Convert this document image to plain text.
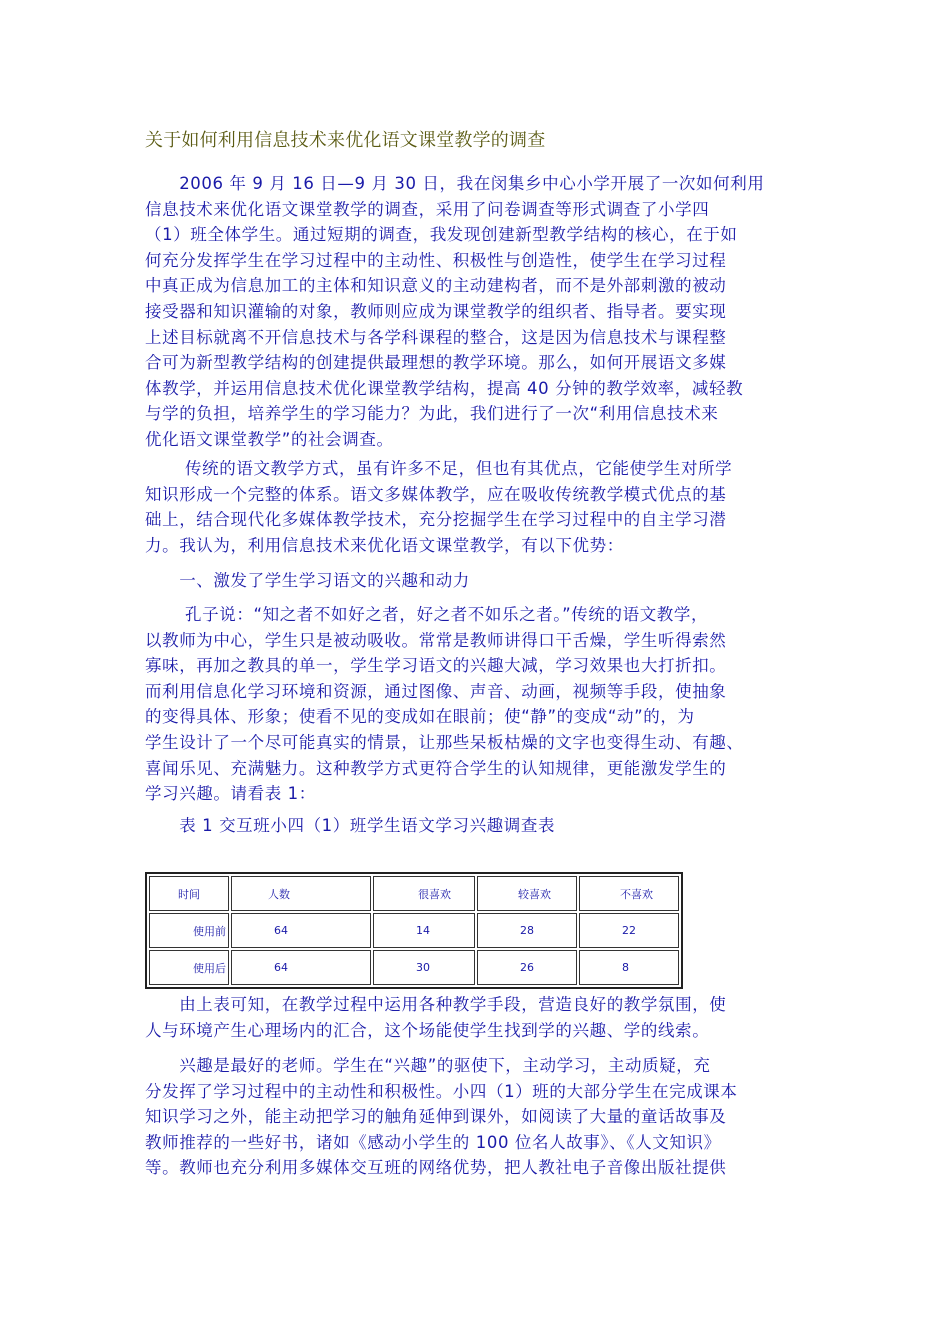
关于如何利用信息技术来优化语文课堂教学的调查
　　2006 年 9 月 16 日—9 月 30 日，我在闵集乡中心小学开展了一次如何利用
信息技术来优化语文课堂教学的调查，采用了问卷调查等形式调查了小学四
（1）班全体学生。通过短期的调查，我发现创建新型教学结构的核心，在于如
何充分发挥学生在学习过程中的主动性、积极性与创造性，使学生在学习过程
中真正成为信息加工的主体和知识意义的主动建构者，而不是外部刺激的被动
接受器和知识灌输的对象，教师则应成为课堂教学的组织者、指导者。要实现
上述目标就离不开信息技术与各学科课程的整合，这是因为信息技术与课程整
合可为新型教学结构的创建提供最理想的教学环境。那么，如何开展语文多媒
体教学，并运用信息技术优化课堂教学结构，提高 40 分钟的教学效率，减轻教
与学的负担，培养学生的学习能力？为此，我们进行了一次“利用信息技术来
优化语文课堂教学”的社会调查。
　　 传统的语文教学方式，虽有许多不足，但也有其优点，它能使学生对所学
知识形成一个完整的体系。语文多媒体教学，应在吸收传统教学模式优点的基
础上，结合现代化多媒体教学技术，充分挖掘学生在学习过程中的自主学习潜
力。我认为，利用信息技术来优化语文课堂教学，有以下优势：
　　一、激发了学生学习语文的兴趣和动力
　　 孔子说：“知之者不如好之者，好之者不如乐之者。”传统的语文教学，
以教师为中心，学生只是被动吸收。常常是教师讲得口干舌燥，学生听得索然
寡味，再加之教具的单一，学生学习语文的兴趣大减，学习效果也大打折扣。
而利用信息化学习环境和资源，通过图像、声音、动画，视频等手段，使抽象
的变得具体、形象；使看不见的变成如在眼前；使“静”的变成“动”的，为
学生设计了一个尽可能真实的情景，让那些呆板枯燥的文字也变得生动、有趣、
喜闻乐见、充满魅力。这种教学方式更符合学生的认知规律，更能激发学生的
学习兴趣。请看表 1：
　　表 1 交互班小四（1）班学生语文学习兴趣调查表
时间	人数	很喜欢	较喜欢	不喜欢
使用前	64	14	28	22
使用后	64	30	26	8
　　由上表可知，在教学过程中运用各种教学手段，营造良好的教学氛围，使
人与环境产生心理场内的汇合，这个场能使学生找到学的兴趣、学的线索。
　　兴趣是最好的老师。学生在“兴趣”的驱使下，主动学习，主动质疑，充
分发挥了学习过程中的主动性和积极性。小四（1）班的大部分学生在完成课本
知识学习之外，能主动把学习的触角延伸到课外，如阅读了大量的童话故事及
教师推荐的一些好书，诸如《感动小学生的 100 位名人故事》、《人文知识》
等。教师也充分利用多媒体交互班的网络优势，把人教社电子音像出版社提供
